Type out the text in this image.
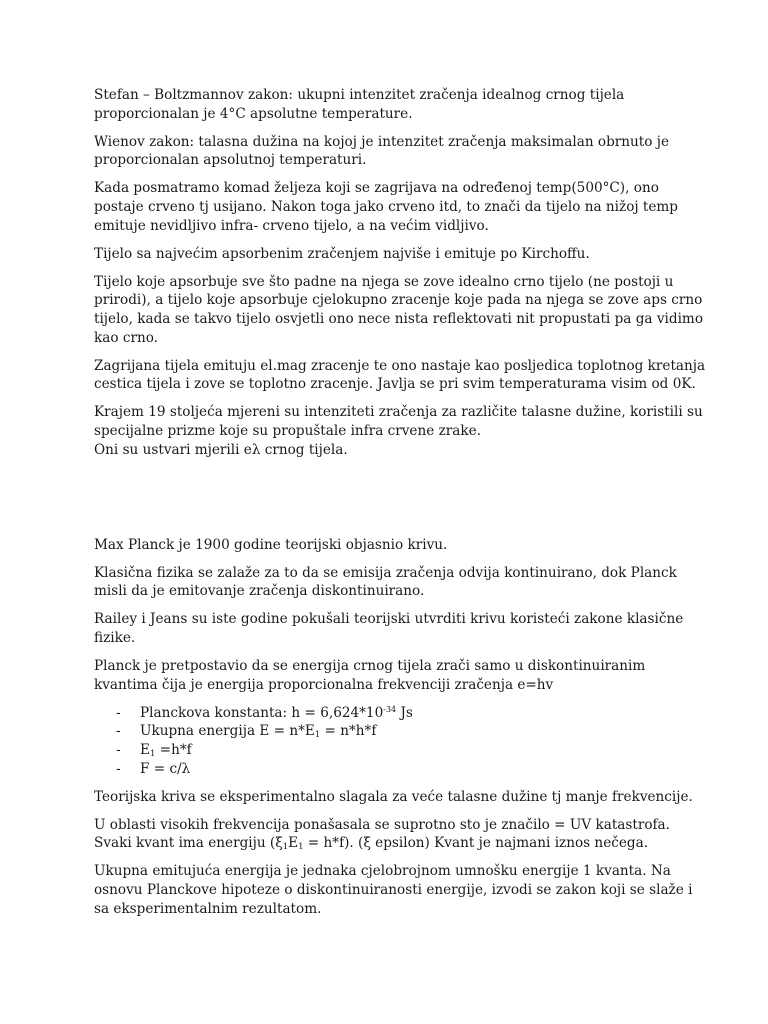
Stefan – Boltzmannov zakon: ukupni intenzitet zračenja idealnog crnog tijela
proporcionalan je 4°C apsolutne temperature.

Wienov zakon: talasna dužina na kojoj je intenzitet zračenja maksimalan obrnuto je
proporcionalan apsolutnoj temperaturi.

Kada posmatramo komad željeza koji se zagrijava na određenoj temp(500°C), ono
postaje crveno tj usijano. Nakon toga jako crveno itd, to znači da tijelo na nižoj temp
emituje nevidljivo infra- crveno tijelo, a na većim vidljivo.

Tijelo sa najvećim apsorbenim zračenjem najviše i emituje po Kirchoffu.

Tijelo koje apsorbuje sve što padne na njega se zove idealno crno tijelo (ne postoji u
prirodi), a tijelo koje apsorbuje cjelokupno zracenje koje pada na njega se zove aps crno
tijelo, kada se takvo tijelo osvjetli ono nece nista reflektovati nit propustati pa ga vidimo
kao crno.

Zagrijana tijela emituju el.mag zracenje te ono nastaje kao posljedica toplotnog kretanja
cestica tijela i zove se toplotno zracenje. Javlja se pri svim temperaturama visim od 0K.

Krajem 19 stoljeća mjereni su intenziteti zračenja za različite talasne dužine, koristili su
specijalne prizme koje su propuštale infra crvene zrake.
Oni su ustvari mjerili eλ crnog tijela.

Max Planck je 1900 godine teorijski objasnio krivu.

Klasična fizika se zalaže za to da se emisija zračenja odvija kontinuirano, dok Planck
misli da je emitovanje zračenja diskontinuirano.

Railey i Jeans su iste godine pokušali teorijski utvrditi krivu koristeći zakone klasične
fizike.

Planck je pretpostavio da se energija crnog tijela zrači samo u diskontinuiranim
kvantima čija je energija proporcionalna frekvenciji zračenja e=hv

- Planckova konstanta: $h = 6,624*10^{-34}$ Js
- Ukupna energija $E = n*E_1 = n*h*f$
- $E_1 =h*f$
- F = c/λ

Teorijska kriva se eksperimentalno slagala za veće talasne dužine tj manje frekvencije.

U oblasti visokih frekvencija ponašasala se suprotno sto je značilo = UV katastrofa.
Svaki kvant ima energiju $(\xi_1E_1 = h*f)$. (ξ epsilon) Kvant je najmani iznos nečega.

Ukupna emitujuća energija je jednaka cjelobrojnom umnošku energije 1 kvanta. Na
osnovu Planckove hipoteze o diskontinuiranosti energije, izvodi se zakon koji se slaže i
sa eksperimentalnim rezultatom.
